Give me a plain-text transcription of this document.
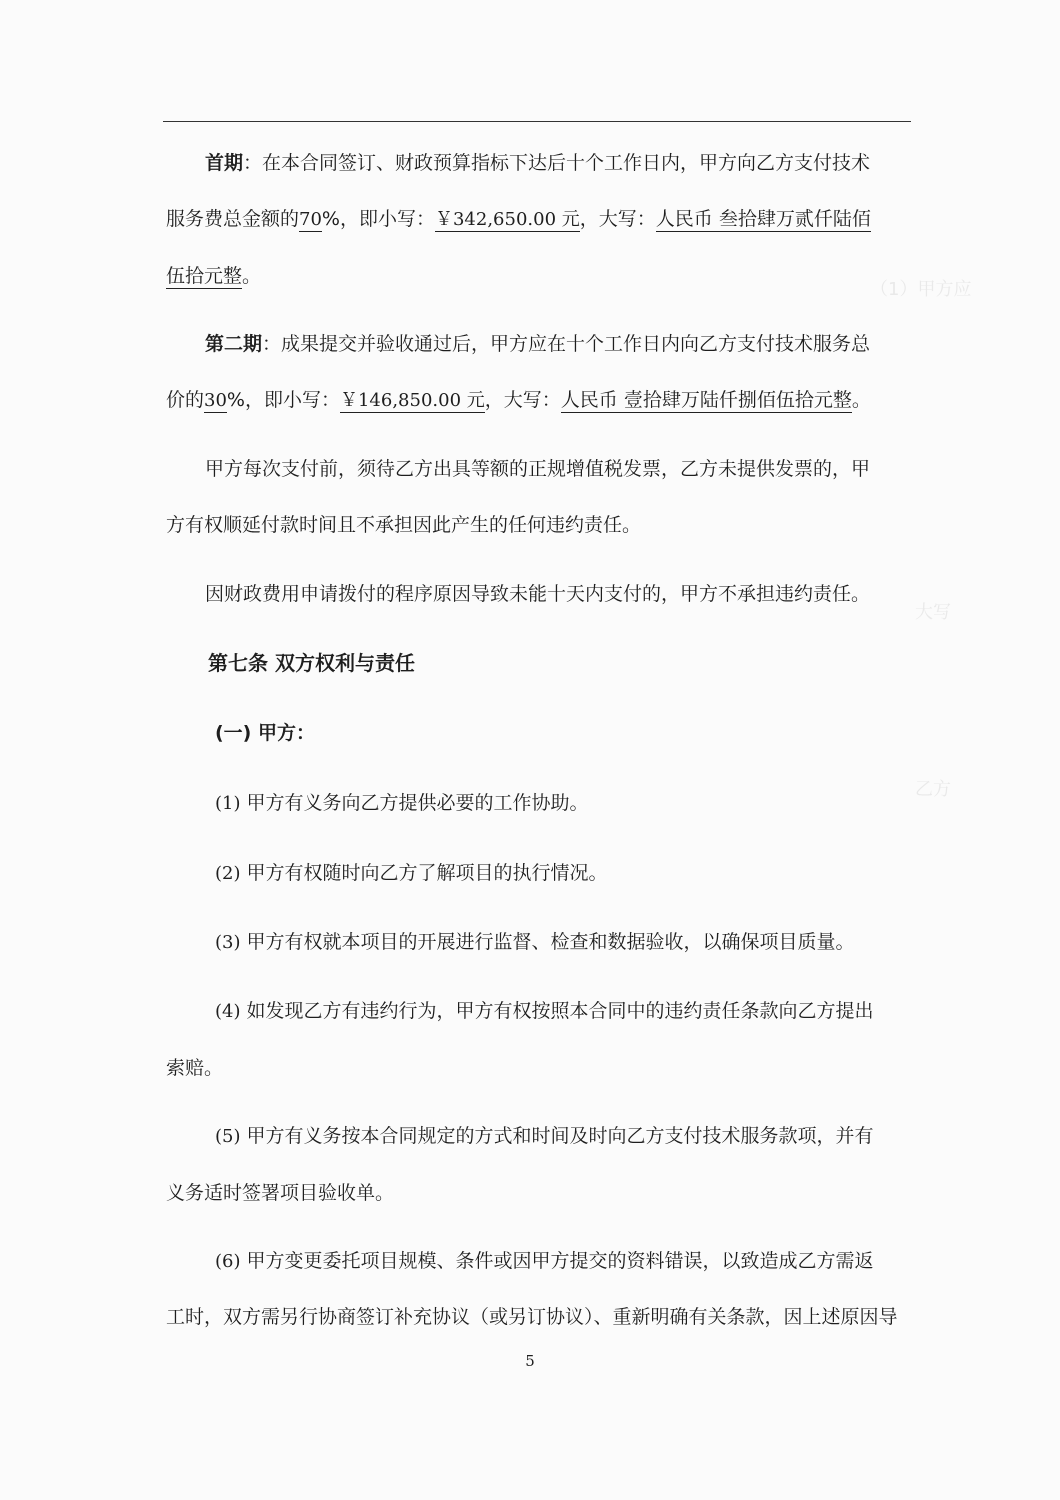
（1）甲方应
大写
乙方
首期：在本合同签订、财政预算指标下达后十个工作日内，甲方向乙方支付技术
服务费总金额的70%，即小写：￥342,650.00 元，大写：人民币 叁拾肆万贰仟陆佰
伍拾元整。
第二期：成果提交并验收通过后，甲方应在十个工作日内向乙方支付技术服务总
价的30%，即小写：￥146,850.00 元，大写：人民币 壹拾肆万陆仟捌佰伍拾元整。
甲方每次支付前，须待乙方出具等额的正规增值税发票，乙方未提供发票的，甲
方有权顺延付款时间且不承担因此产生的任何违约责任。
因财政费用申请拨付的程序原因导致未能十天内支付的，甲方不承担违约责任。
第七条 双方权利与责任
(一) 甲方：
(1) 甲方有义务向乙方提供必要的工作协助。
(2) 甲方有权随时向乙方了解项目的执行情况。
(3) 甲方有权就本项目的开展进行监督、检查和数据验收，以确保项目质量。
(4) 如发现乙方有违约行为，甲方有权按照本合同中的违约责任条款向乙方提出
索赔。
(5) 甲方有义务按本合同规定的方式和时间及时向乙方支付技术服务款项，并有
义务适时签署项目验收单。
(6) 甲方变更委托项目规模、条件或因甲方提交的资料错误，以致造成乙方需返
工时，双方需另行协商签订补充协议（或另订协议）、重新明确有关条款，因上述原因导
5
